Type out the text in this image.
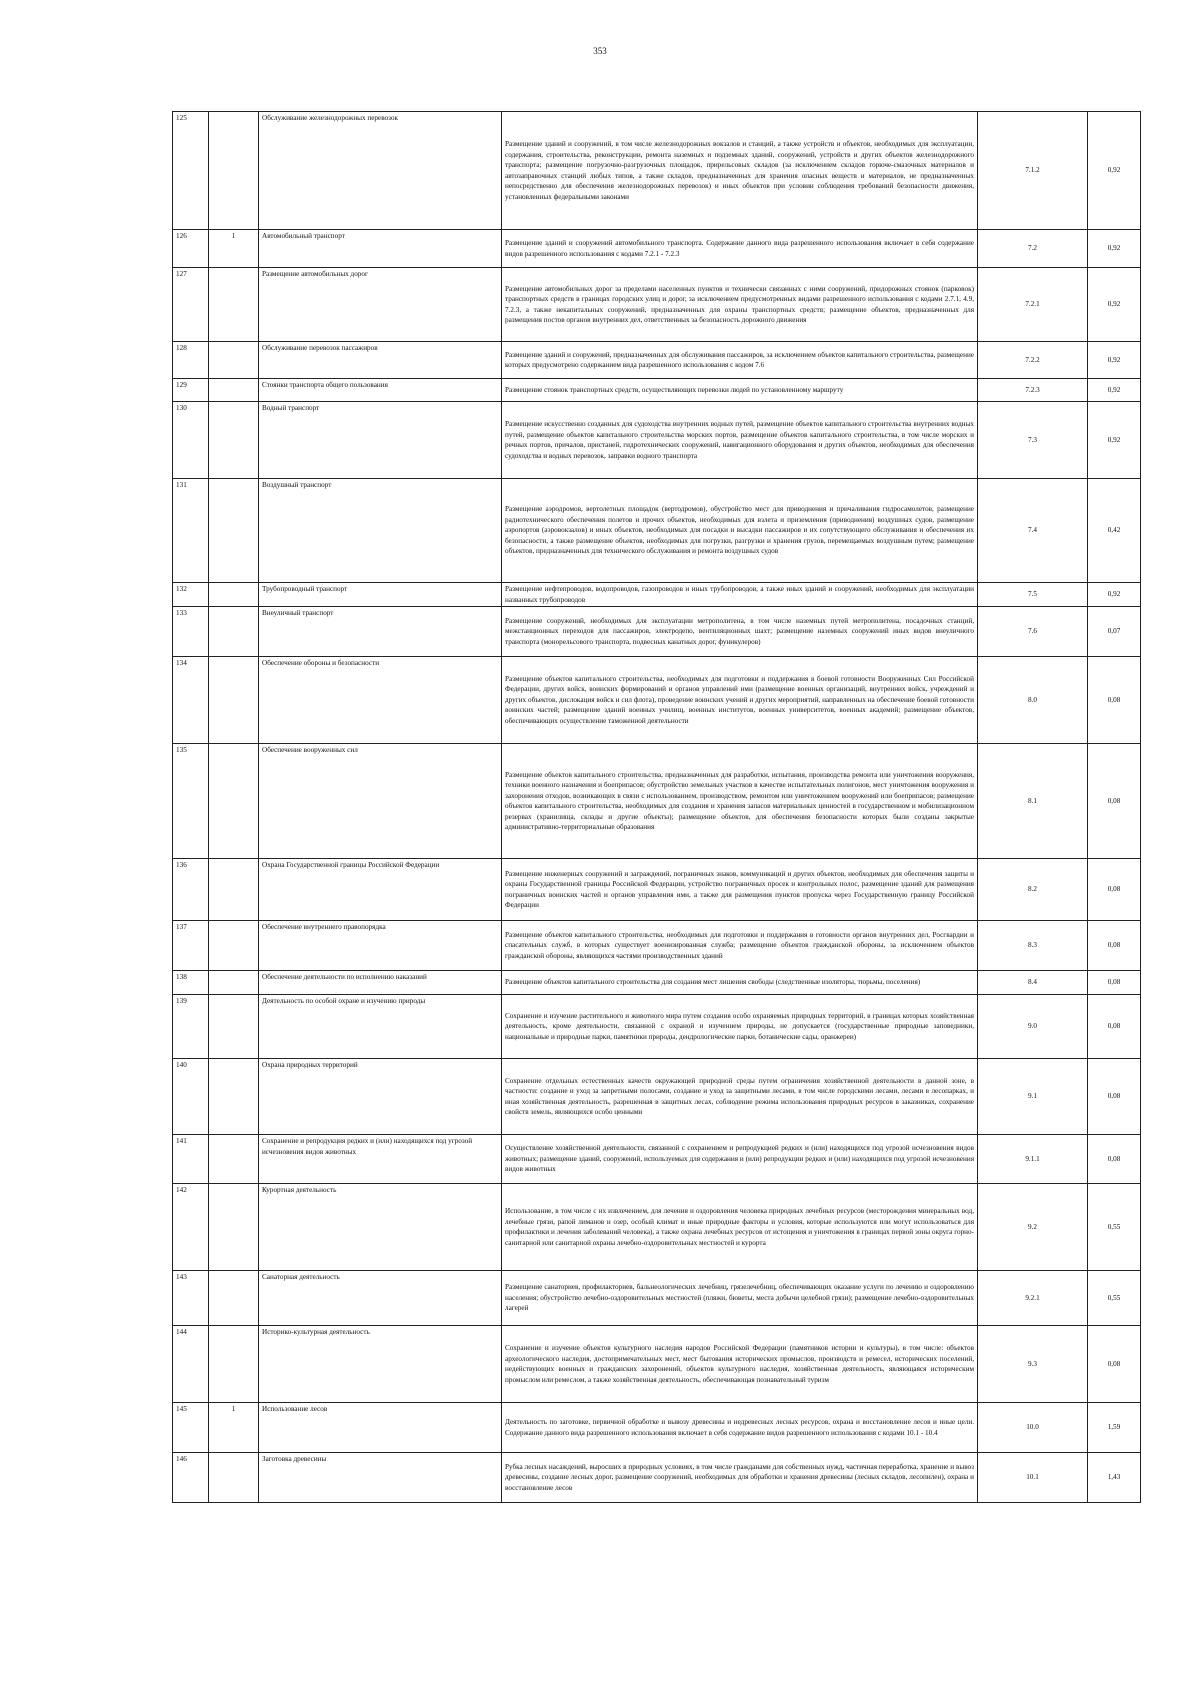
353
125		Обслуживание железнодорожных перевозок	Размещение зданий и сооружений, в том числе железнодорожных вокзалов и станций, а также устройств и объектов, необходимых для эксплуатации, содержания, строительства, реконструкции, ремонта наземных и подземных зданий, сооружений, устройств и других объектов железнодорожного транспорта; размещение погрузочно-разгрузочных площадок, прирельсовых складов (за исключением складов горюче-смазочных материалов и автозаправочных станций любых типов, а также складов, предназначенных для хранения опасных веществ и материалов, не предназначенных непосредственно для обеспечения железнодорожных перевозок) и иных объектов при условии соблюдения требований безопасности движения, установленных федеральными законами	7.1.2	0,92
126	1	Автомобильный транспорт	Размещение зданий и сооружений автомобильного транспорта. Содержание данного вида разрешенного использования включает в себя содержание видов разрешенного использования с кодами 7.2.1 - 7.2.3	7.2	0,92
127		Размещение автомобильных дорог	Размещение автомобильных дорог за пределами населенных пунктов и технически связанных с ними сооружений, придорожных стоянок (парковок) транспортных средств в границах городских улиц и дорог, за исключением предусмотренных видами разрешенного использования с кодами 2.7.1, 4.9, 7.2.3, а также некапитальных сооружений, предназначенных для охраны транспортных средств; размещение объектов, предназначенных для размещения постов органов внутренних дел, ответственных за безопасность дорожного движения	7.2.1	0,92
128		Обслуживание перевозок пассажиров	Размещение зданий и сооружений, предназначенных для обслуживания пассажиров, за исключением объектов капитального строительства, размещение которых предусмотрено содержанием вида разрешенного использования с кодом 7.6	7.2.2	0,92
129		Стоянки транспорта общего пользования	Размещение стоянок транспортных средств, осуществляющих перевозки людей по установленному маршруту	7.2.3	0,92
130		Водный транспорт	Размещение искусственно созданных для судоходства внутренних водных путей, размещение объектов капитального строительства внутренних водных путей, размещение объектов капитального строительства морских портов, размещение объектов капитального строительства, в том числе морских и речных портов, причалов, пристаней, гидротехнических сооружений, навигационного оборудования и других объектов, необходимых для обеспечения судоходства и водных перевозок, заправки водного транспорта	7.3	0,92
131		Воздушный транспорт	Размещение аэродромов, вертолетных площадок (вертодромов), обустройство мест для приводнения и причаливания гидросамолетов, размещение радиотехнического обеспечения полетов и прочих объектов, необходимых для взлета и приземления (приводнения) воздушных судов, размещение аэропортов (аэровокзалов) и иных объектов, необходимых для посадки и высадки пассажиров и их сопутствующего обслуживания и обеспечения их безопасности, а также размещение объектов, необходимых для погрузки, разгрузки и хранения грузов, перемещаемых воздушным путем; размещение объектов, предназначенных для технического обслуживания и ремонта воздушных судов	7.4	0,42
132		Трубопроводный транспорт	Размещение нефтепроводов, водопроводов, газопроводов и иных трубопроводов, а также иных зданий и сооружений, необходимых для эксплуатации названных трубопроводов	7.5	0,92
133		Внеуличный транспорт	Размещение сооружений, необходимых для эксплуатации метрополитена, в том числе наземных путей метрополитена, посадочных станций, межстанционных переходов для пассажиров, электродепо, вентиляционных шахт; размещение наземных сооружений иных видов внеуличного транспорта (монорельсового транспорта, подвесных канатных дорог, фуникулеров)	7.6	0,07
134		Обеспечение обороны и безопасности	Размещение объектов капитального строительства, необходимых для подготовки и поддержания в боевой готовности Вооруженных Сил Российской Федерации, других войск, воинских формирований и органов управлений ими (размещение военных организаций, внутренних войск, учреждений и других объектов, дислокация войск и сил флота), проведение воинских учений и других мероприятий, направленных на обеспечение боевой готовности воинских частей; размещение зданий военных училищ, военных институтов, военных университетов, военных академий; размещение объектов, обеспечивающих осуществление таможенной деятельности	8.0	0,08
135		Обеспечение вооруженных сил	Размещение объектов капитального строительства, предназначенных для разработки, испытания, производства ремонта или уничтожения вооружения, техники военного назначения и боеприпасов; обустройство земельных участков в качестве испытательных полигонов, мест уничтожения вооружения и захоронения отходов, возникающих в связи с использованием, производством, ремонтом или уничтожением вооружений или боеприпасов; размещение объектов капитального строительства, необходимых для создания и хранения запасов материальных ценностей в государственном и мобилизационном резервах (хранилища, склады и другие объекты); размещение объектов, для обеспечения безопасности которых были созданы закрытые административно-территориальные образования	8.1	0,08
136		Охрана Государственной границы Российской Федерации	Размещение инженерных сооружений и заграждений, пограничных знаков, коммуникаций и других объектов, необходимых для обеспечения защиты и охраны Государственной границы Российской Федерации, устройство пограничных просек и контрольных полос, размещение зданий для размещения пограничных воинских частей и органов управления ими, а также для размещения пунктов пропуска через Государственную границу Российской Федерации	8.2	0,08
137		Обеспечение внутреннего правопорядка	Размещение объектов капитального строительства, необходимых для подготовки и поддержания в готовности органов внутренних дел, Росгвардии и спасательных служб, в которых существует военизированная служба; размещение объектов гражданской обороны, за исключением объектов гражданской обороны, являющихся частями производственных зданий	8.3	0,08
138		Обеспечение деятельности по исполнению наказаний	Размещение объектов капитального строительства для создания мест лишения свободы (следственные изоляторы, тюрьмы, поселения)	8.4	0,08
139		Деятельность по особой охране и изучению природы	Сохранение и изучение растительного и животного мира путем создания особо охраняемых природных территорий, в границах которых хозяйственная деятельность, кроме деятельности, связанной с охраной и изучением природы, не допускается (государственные природные заповедники, национальные и природные парки, памятники природы, дендрологические парки, ботанические сады, оранжереи)	9.0	0,08
140		Охрана природных территорий	Сохранение отдельных естественных качеств окружающей природной среды путем ограничения хозяйственной деятельности в данной зоне, в частности: создание и уход за запретными полосами, создание и уход за защитными лесами, в том числе городскими лесами, лесами в лесопарках, и иная хозяйственная деятельность, разрешенная в защитных лесах, соблюдение режима использования природных ресурсов в заказниках, сохранение свойств земель, являющихся особо ценными	9.1	0,08
141		Сохранение и репродукция редких и (или) находящихся под угрозой исчезновения видов животных	Осуществление хозяйственной деятельности, связанной с сохранением и репродукцией редких и (или) находящихся под угрозой исчезновения видов животных; размещение зданий, сооружений, используемых для содержания и (или) репродукции редких и (или) находящихся под угрозой исчезновения видов животных	9.1.1	0,08
142		Курортная деятельность	Использование, в том числе с их извлечением, для лечения и оздоровления человека природных лечебных ресурсов (месторождения минеральных вод, лечебные грязи, рапой лиманов и озер, особый климат и иные природные факторы и условия, которые используются или могут использоваться для профилактики и лечения заболеваний человека), а также охрана лечебных ресурсов от истощения и уничтожения в границах первой зоны округа горно-санитарной или санитарной охраны лечебно-оздоровительных местностей и курорта	9.2	0,55
143		Санаторная деятельность	Размещение санаториев, профилакториев, бальнеологических лечебниц, грязелечебниц, обеспечивающих оказание услуги по лечению и оздоровлению населения; обустройство лечебно-оздоровительных местностей (пляжи, бюветы, места добычи целебной грязи); размещение лечебно-оздоровительных лагерей	9.2.1	0,55
144		Историко-культурная деятельность	Сохранение и изучение объектов культурного наследия народов Российской Федерации (памятников истории и культуры), в том числе: объектов археологического наследия, достопримечательных мест, мест бытования исторических промыслов, производств и ремесел, исторических поселений, недействующих военных и гражданских захоронений, объектов культурного наследия, хозяйственная деятельность, являющаяся историческим промыслом или ремеслом, а также хозяйственная деятельность, обеспечивающая познавательный туризм	9.3	0,08
145	1	Использование лесов	Деятельность по заготовке, первичной обработке и вывозу древесины и недревесных лесных ресурсов, охрана и восстановление лесов и иные цели. Содержание данного вида разрешенного использования включает в себя содержание видов разрешенного использования с кодами 10.1 - 10.4	10.0	1,59
146		Заготовка древесины	Рубка лесных насаждений, выросших в природных условиях, в том числе гражданами для собственных нужд, частичная переработка, хранение и вывоз древесины, создание лесных дорог, размещение сооружений, необходимых для обработки и хранения древесины (лесных складов, лесопилен), охрана и восстановление лесов	10.1	1,43
